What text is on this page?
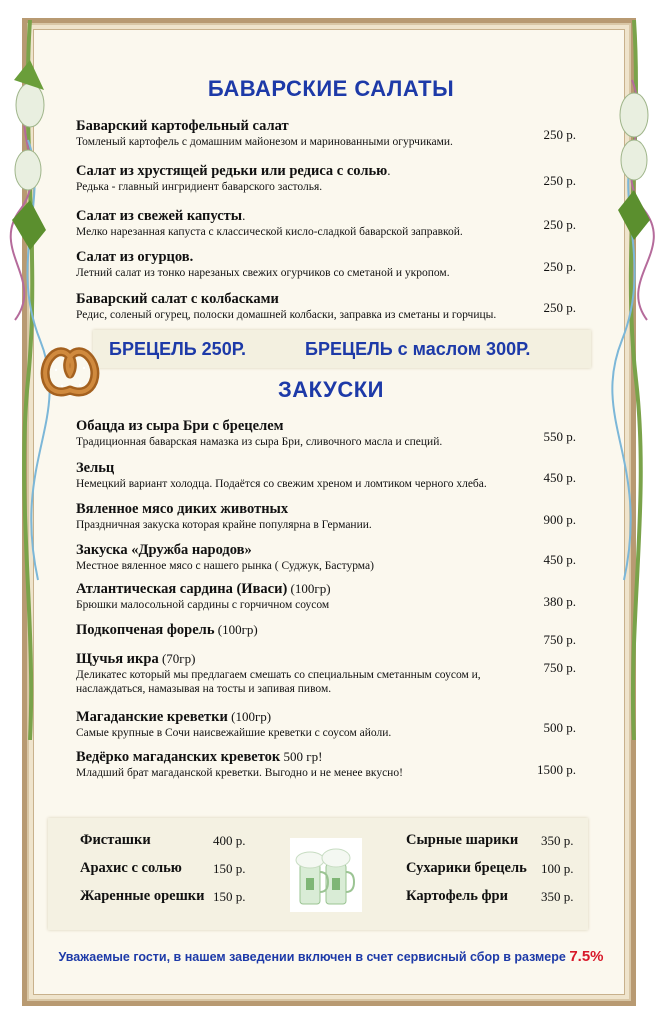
БАВАРСКИЕ САЛАТЫ
Баварский картофельный салат
Томленый картофель с домашним майонезом и маринованными огурчиками.	250 р.
Салат из хрустящей редьки или редиса с солью.
Редька - главный ингридиент баварского застолья.	250 р.
Салат из свежей капусты.
Мелко нарезанная капуста с классической кисло-сладкой баварской заправкой.	250 р.
Салат из огурцов.
Летний салат из тонко нарезаных свежих огурчиков со сметаной и укропом.	250 р.
Баварский салат с колбасками
Редис, соленый огурец, полоски домашней колбаски, заправка из сметаны и горчицы.	250 р.
БРЕЦЕЛЬ 250Р.	БРЕЦЕЛЬ с маслом 300Р.
ЗАКУСКИ
Обацда из сыра Бри с брецелем
Традиционная баварская намазка из сыра Бри, сливочного масла и специй.	550 р.
Зельц
Немецкий вариант холодца. Подаётся со свежим хреном и ломтиком черного хлеба.	450 р.
Вяленное мясо диких животных
Праздничная закуска которая крайне популярна в Германии.	900 р.
Закуска «Дружба народов»
Местное вяленное мясо с нашего рынка ( Суджук, Бастурма)	450 р.
Атлантическая сардина (Иваси) (100гр)
Брюшки малосольной сардины с горчичном соусом	380 р.
Подкопченая форель (100гр)
750 р.
Щучья икра (70гр)
Деликатес который мы предлагаем смешать со специальным сметанным соусом и, наслаждаться, намазывая на тосты и запивая пивом.
750 р.
Магаданские креветки (100гр)
Самые крупные в Сочи наисвежайшие креветки с соусом айоли.	500 р.
Ведёрко магаданских креветок 500 гр!
Младший брат магаданской креветки. Выгодно и не менее вкусно!	1500 р.
Фисташки	400 р.
Арахис с солью 150 р.
Жаренные орешки 150 р.
Сырные шарики 350 р.
Сухарики брецель 100 р.
Картофель фри	350 р.
Уважаемые гости, в нашем заведении включен в счет сервисный сбор в размере 7.5%
